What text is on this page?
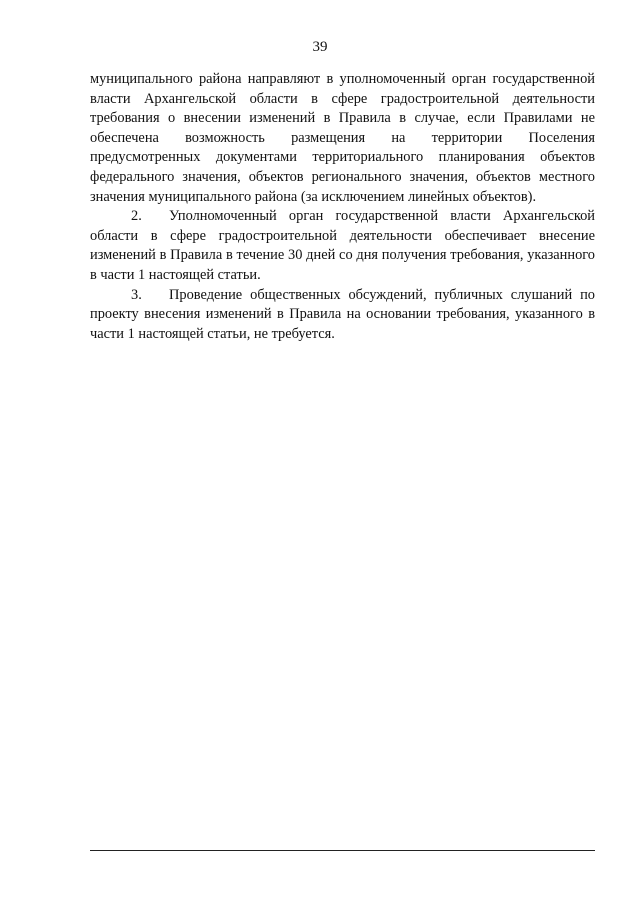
39

муниципального района направляют в уполномоченный орган государственной власти Архангельской области в сфере градостроительной деятельности требования о внесении изменений в Правила в случае, если Правилами не обеспечена возможность размещения на территории Поселения предусмотренных документами территориального планирования объектов федерального значения, объектов регионального значения, объектов местного значения муниципального района (за исключением линейных объектов).

2. Уполномоченный орган государственной власти Архангельской области в сфере градостроительной деятельности обеспечивает внесение изменений в Правила в течение 30 дней со дня получения требования, указанного в части 1 настоящей статьи.

3. Проведение общественных обсуждений, публичных слушаний по проекту внесения изменений в Правила на основании требования, указанного в части 1 настоящей статьи, не требуется.
